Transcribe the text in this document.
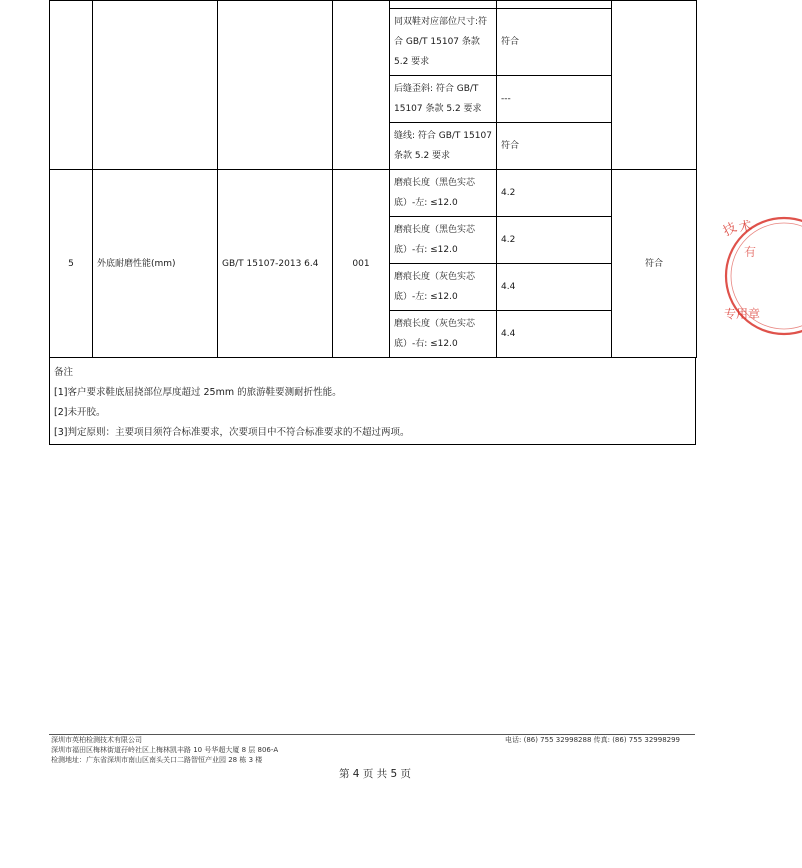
				同双鞋对应部位尺寸:符合 GB/T 15107 条款 5.2 要求	符合	
				后缝歪斜: 符合 GB/T 15107 条款 5.2 要求	---	
				缝线: 符合 GB/T 15107 条款 5.2 要求	符合	
5	外底耐磨性能(mm)	GB/T 15107-2013 6.4	001	磨痕长度（黑色实芯底）-左: ≤12.0	4.2	符合
				磨痕长度（黑色实芯底）-右: ≤12.0	4.2	
				磨痕长度（灰色实芯底）-左: ≤12.0	4.4	
				磨痕长度（灰色实芯底）-右: ≤12.0	4.4	
备注
[1]客户要求鞋底屈挠部位厚度超过 25mm 的旅游鞋要测耐折性能。
[2]未开胶。
[3]判定原则：主要项目须符合标准要求，次要项目中不符合标准要求的不超过两项。
技
术
有
专用章
深圳市英柏检测技术有限公司
深圳市福田区梅林街道孖岭社区上梅林凯丰路 10 号华超大厦 8 层 806-A
检测地址：广东省深圳市南山区南头关口二路智恒产业园 28 栋 3 楼
电话: (86) 755 32998288 传真: (86) 755 32998299
第 4 页 共 5 页
